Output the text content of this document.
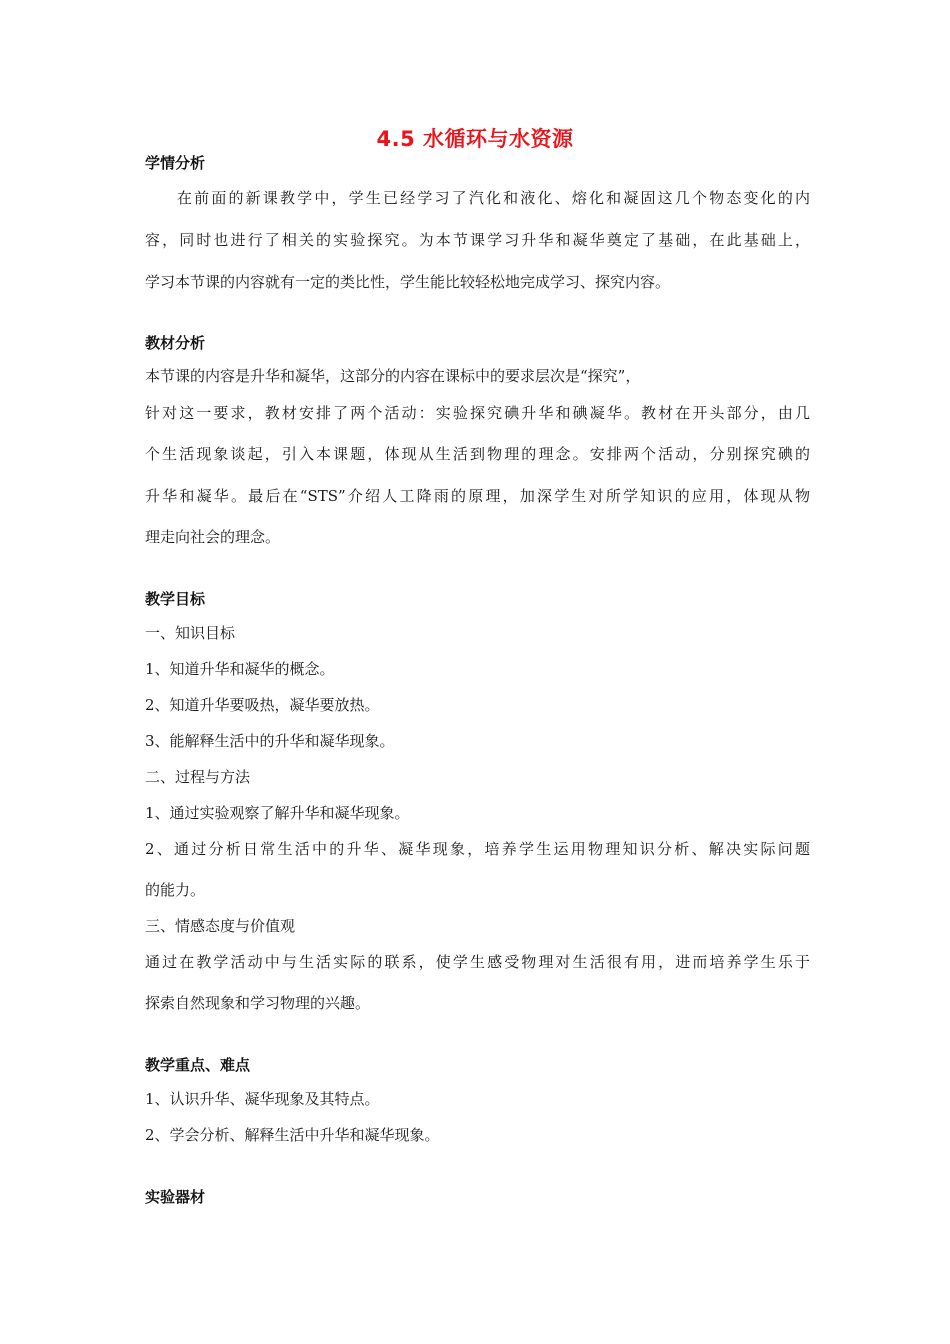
4.5 水循环与水资源
学情分析
在前面的新课教学中，学生已经学习了汽化和液化、熔化和凝固这几个物态变化的内
容，同时也进行了相关的实验探究。为本节课学习升华和凝华奠定了基础，在此基础上，
学习本节课的内容就有一定的类比性，学生能比较轻松地完成学习、探究内容。
教材分析
本节课的内容是升华和凝华，这部分的内容在课标中的要求层次是“探究”，
针对这一要求，教材安排了两个活动：实验探究碘升华和碘凝华。教材在开头部分，由几
个生活现象谈起，引入本课题，体现从生活到物理的理念。安排两个活动，分别探究碘的
升华和凝华。最后在“STS”介绍人工降雨的原理，加深学生对所学知识的应用，体现从物
理走向社会的理念。
教学目标
一、知识目标
1、知道升华和凝华的概念。
2、知道升华要吸热，凝华要放热。
3、能解释生活中的升华和凝华现象。
二、过程与方法
1、通过实验观察了解升华和凝华现象。
2、通过分析日常生活中的升华、凝华现象，培养学生运用物理知识分析、解决实际问题
的能力。
三、情感态度与价值观
通过在教学活动中与生活实际的联系，使学生感受物理对生活很有用，进而培养学生乐于
探索自然现象和学习物理的兴趣。
教学重点、难点
1、认识升华、凝华现象及其特点。
2、学会分析、解释生活中升华和凝华现象。
实验器材
